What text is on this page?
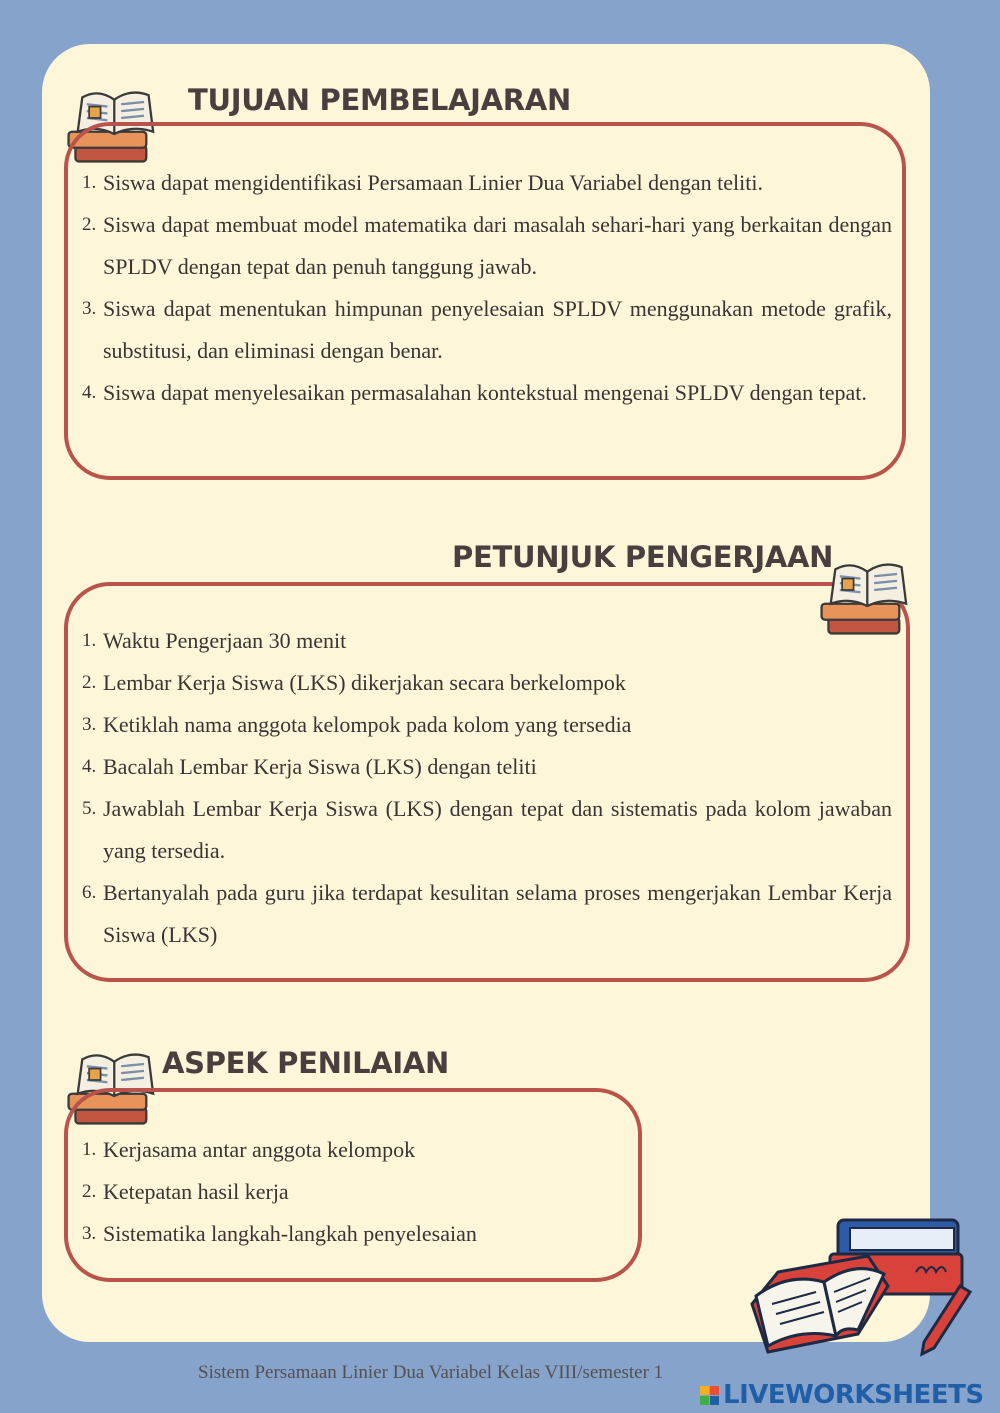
TUJUAN PEMBELAJARAN
1. Siswa dapat mengidentifikasi Persamaan Linier Dua Variabel dengan teliti.
2. Siswa dapat membuat model matematika dari masalah sehari-hari yang berkaitan dengan SPLDV dengan tepat dan penuh tanggung jawab.
3. Siswa dapat menentukan himpunan penyelesaian SPLDV menggunakan metode grafik, substitusi, dan eliminasi dengan benar.
4. Siswa dapat menyelesaikan permasalahan kontekstual mengenai SPLDV dengan tepat.
PETUNJUK PENGERJAAN
1. Waktu Pengerjaan 30 menit
2. Lembar Kerja Siswa (LKS) dikerjakan secara berkelompok
3. Ketiklah nama anggota kelompok pada kolom yang tersedia
4. Bacalah Lembar Kerja Siswa (LKS) dengan teliti
5. Jawablah Lembar Kerja Siswa (LKS) dengan tepat dan sistematis pada kolom jawaban yang tersedia.
6. Bertanyalah pada guru jika terdapat kesulitan selama proses mengerjakan Lembar Kerja Siswa (LKS)
ASPEK PENILAIAN
1. Kerjasama antar anggota kelompok
2. Ketepatan hasil kerja
3. Sistematika langkah-langkah penyelesaian

Sistem Persamaan Linier Dua Variabel Kelas VIII/semester 1

LIVEWORKSHEETS
